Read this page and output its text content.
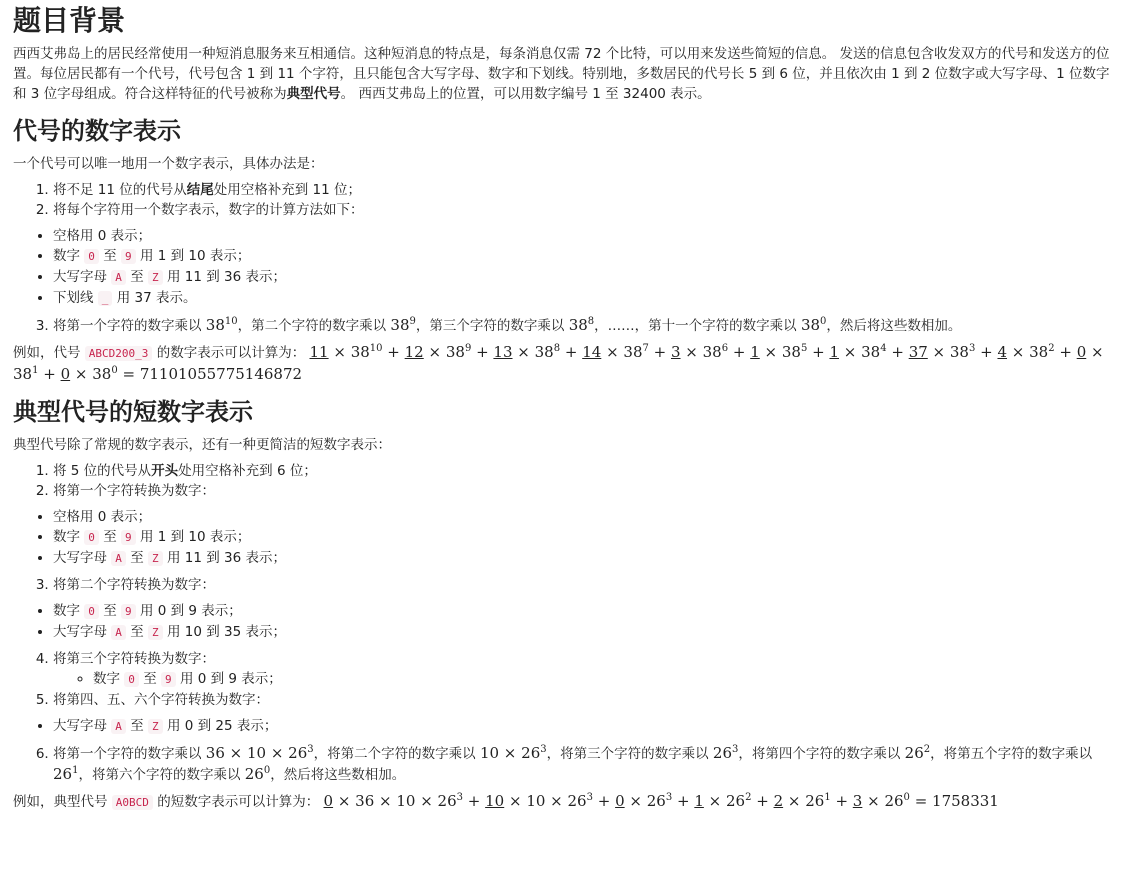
题目背景

西西艾弗岛上的居民经常使用一种短消息服务来互相通信。这种短消息的特点是，每条消息仅需 72 个比特，可以用来发送些简短的信息。 发送的信息包含收发双方的代号和发送方的位置。每位居民都有一个代号，代号包含 1 到 11 个字符，且只能包含大写字母、数字和下划线。特别地，多数居民的代号长 5 到 6 位，并且依次由 1 到 2 位数字或大写字母、1 位数字和 3 位字母组成。符合这样特征的代号被称为典型代号。 西西艾弗岛上的位置，可以用数字编号 1 至 32400 表示。

代号的数字表示

一个代号可以唯一地用一个数字表示，具体办法是：

1. 将不足 11 位的代号从结尾处用空格补充到 11 位；
2. 将每个字符用一个数字表示，数字的计算方法如下：
• 空格用 0 表示；
• 数字 0 至 9 用 1 到 10 表示；
• 大写字母 A 至 Z 用 11 到 36 表示；
• 下划线 _ 用 37 表示。
3. 将第一个字符的数字乘以 $38^{10}$，第二个字符的数字乘以 $38^9$，第三个字符的数字乘以 $38^8$，……，第十一个字符的数字乘以 $38^0$，然后将这些数相加。

例如，代号 ABCD200_3 的数字表示可以计算为： $11 \times 38^{10} + 12 \times 38^9 + 13 \times 38^8 + 14 \times 38^7 + 3 \times 38^6 + 1 \times 38^5 + 1 \times 38^4 + 37 \times 38^3 + 4 \times 38^2 + 0 \times 38^1 + 0 \times 38^0 = 71101055775146872$

典型代号的短数字表示

典型代号除了常规的数字表示，还有一种更简洁的短数字表示：

1. 将 5 位的代号从开头处用空格补充到 6 位；
2. 将第一个字符转换为数字：
• 空格用 0 表示；
• 数字 0 至 9 用 1 到 10 表示；
• 大写字母 A 至 Z 用 11 到 36 表示；
3. 将第二个字符转换为数字：
• 数字 0 至 9 用 0 到 9 表示；
• 大写字母 A 至 Z 用 10 到 35 表示；
4. 将第三个字符转换为数字：
◦ 数字 0 至 9 用 0 到 9 表示；
5. 将第四、五、六个字符转换为数字：
• 大写字母 A 至 Z 用 0 到 25 表示；
6. 将第一个字符的数字乘以 $36 \times 10 \times 26^3$，将第二个字符的数字乘以 $10 \times 26^3$，将第三个字符的数字乘以 $26^3$，将第四个字符的数字乘以 $26^2$，将第五个字符的数字乘以 $26^1$，将第六个字符的数字乘以 $26^0$，然后将这些数相加。

例如，典型代号 A0BCD 的短数字表示可以计算为： $0 \times 36 \times 10 \times 26^3 + 10 \times 10 \times 26^3 + 0 \times 26^3 + 1 \times 26^2 + 2 \times 26^1 + 3 \times 26^0 = 1758331$
